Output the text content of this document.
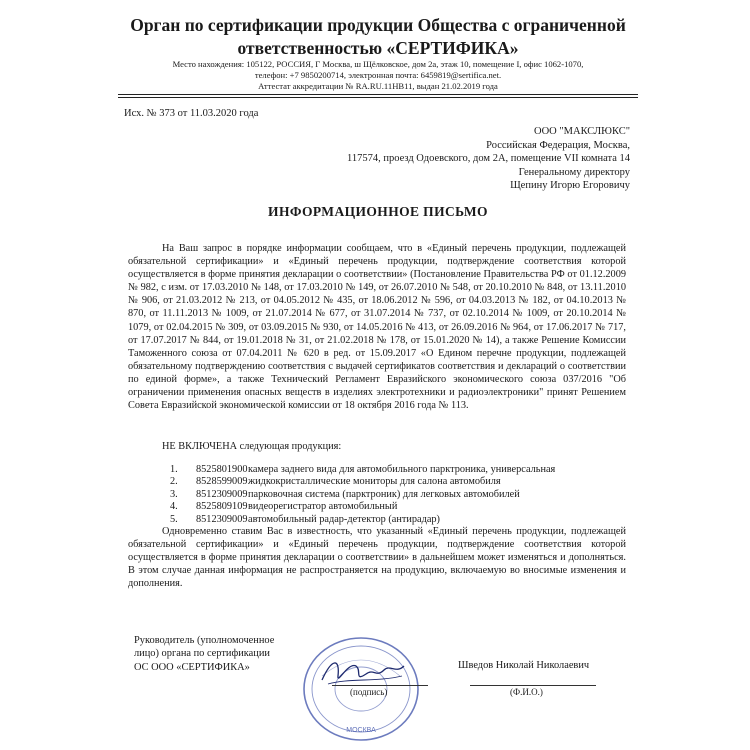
Орган по сертификации продукции Общества с ограниченной ответственностью «СЕРТИФИКА»
Место нахождения: 105122, РОССИЯ, Г Москва, ш Щёлковское, дом 2а, этаж 10, помещение I, офис 1062-1070,
телефон: +7 9850200714, электронная почта: 6459819@sertifica.net.
Аттестат аккредитации № RA.RU.11НВ11, выдан 21.02.2019 года
Исх. № 373 от 11.03.2020 года
ООО "МАКСЛЮКС"
Российская Федерация, Москва,
117574, проезд Одоевского, дом 2А, помещение VII комната 14
Генеральному директору
Щепину Игорю Егоровичу
ИНФОРМАЦИОННОЕ ПИСЬМО

На Ваш запрос в порядке информации сообщаем, что в «Единый перечень продукции, подлежащей обязательной сертификации» и «Единый перечень продукции, подтверждение соответствия которой осуществляется в форме принятия декларации о соответствии» (Постановление Правительства РФ от 01.12.2009 № 982, с изм. от 17.03.2010 № 148, от 17.03.2010 № 149, от 26.07.2010 № 548, от 20.10.2010 № 848, от 13.11.2010 № 906, от 21.03.2012 № 213, от 04.05.2012 № 435, от 18.06.2012 № 596, от 04.03.2013 № 182, от 04.10.2013 № 870, от 11.11.2013 № 1009, от 21.07.2014 № 677, от 31.07.2014 № 737, от 02.10.2014 № 1009, от 20.10.2014 № 1079, от 02.04.2015 № 309, от 03.09.2015 № 930, от 14.05.2016 № 413, от 26.09.2016 № 964, от 17.06.2017 № 717, от 17.07.2017 № 844, от 19.01.2018 № 31, от 21.02.2018 № 178, от 15.01.2020 № 14), а также Решение Комиссии Таможенного союза от 07.04.2011 № 620 в ред. от 15.09.2017 «О Едином перечне продукции, подлежащей обязательному подтверждению соответствия с выдачей сертификатов соответствия и деклараций о соответствии по единой форме», а также Технический Регламент Евразийского экономического союза 037/2016 "Об ограничении применения опасных веществ в изделиях электротехники и радиоэлектроники" принят Решением Совета Евразийской экономической комиссии от 18 октября 2016 года № 113.

НЕ ВКЛЮЧЕНА следующая продукция:
1.	8525801900 камера заднего вида для автомобильного парктроника, универсальная
2.	8528599009 жидкокристаллические мониторы для салона автомобиля
3.	8512309009 парковочная система (парктроник) для легковых автомобилей
4.	8525809109 видеорегистратор автомобильный
5.	8512309009 автомобильный радар-детектор (антирадар)

Одновременно ставим Вас в известность, что указанный «Единый перечень продукции, подлежащей обязательной сертификации» и «Единый перечень продукции, подтверждение соответствия которой осуществляется в форме принятия декларации о соответствии» в дальнейшем может изменяться и дополняться. В этом случае данная информация не распространяется на продукцию, включаемую во вносимые изменения и дополнения.

Руководитель (уполномоченное
лицо) органа по сертификации
ОС ООО «СЕРТИФИКА»
МОСКВА
Шведов Николай Николаевич
(подпись)	(Ф.И.О.)
